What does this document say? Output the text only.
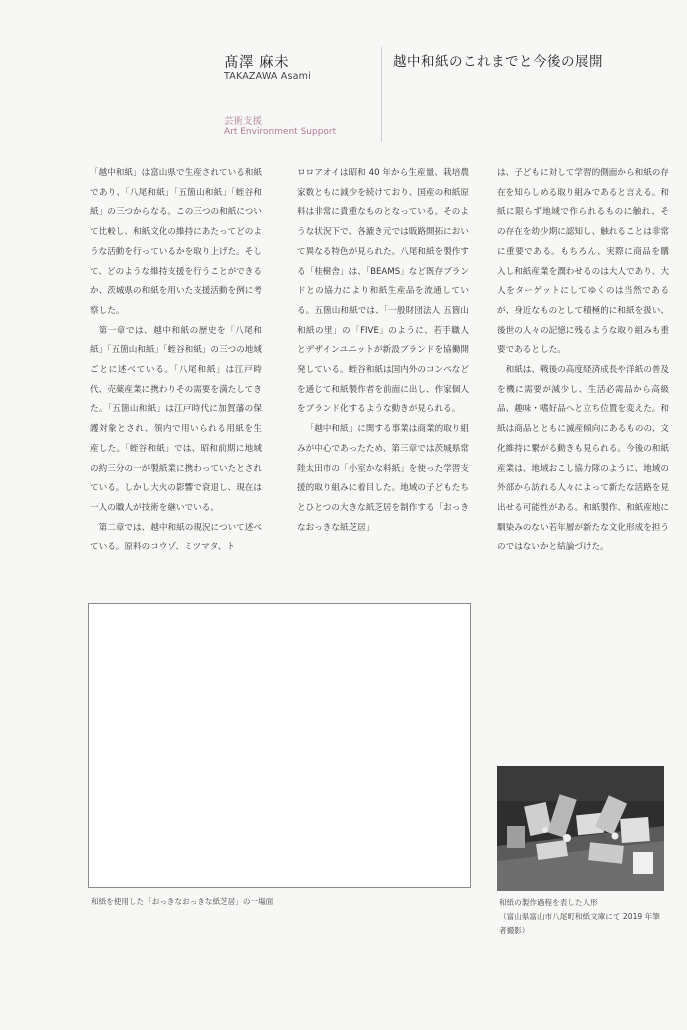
髙澤 麻未
TAKAZAWA Asami
芸術支援
Art Environment Support
越中和紙のこれまでと今後の展開

「越中和紙」は富山県で生産されている和紙であり、「八尾和紙」「五箇山和紙」「蛭谷和紙」の三つからなる。この三つの和紙について比較し、和紙文化の維持にあたってどのような活動を行っているかを取り上げた。そして、どのような維持支援を行うことができるか、茨城県の和紙を用いた支援活動を例に考察した。

第一章では、越中和紙の歴史を「八尾和紙」「五箇山和紙」「蛭谷和紙」の三つの地域ごとに述べている。「八尾和紙」は江戸時代、売薬産業に携わりその需要を満たしてきた。「五箇山和紙」は江戸時代に加賀藩の保護対象とされ、領内で用いられる用紙を生産した。「蛭谷和紙」では、昭和前期に地域の約三分の一が製紙業に携わっていたとされている。しかし大火の影響で衰退し、現在は一人の職人が技術を継いでいる。

第二章では、越中和紙の現況について述べている。原料のコウゾ、ミツマタ、ト

ロロアオイは昭和 40 年から生産量、栽培農家数ともに減少を続けており、国産の和紙原料は非常に貴重なものとなっている。そのような状況下で、各漉き元では販路開拓において異なる特色が見られた。八尾和紙を製作する「桂樹舎」は、「BEAMS」など既存ブランドとの協力により和紙生産品を流通している。五箇山和紙では、「一般財団法人 五箇山和紙の里」の「FIVE」のように、若手職人とデザインユニットが新設ブランドを協働開発している。蛭谷和紙は国内外のコンペなどを通じて和紙製作者を前面に出し、作家個人をブランド化するような動きが見られる。

「越中和紙」に関する事業は商業的取り組みが中心であったため、第三章では茨城県常陸太田市の「小室かな料紙」を使った学習支援的取り組みに着目した。地域の子どもたちとひとつの大きな紙芝居を制作する「おっきなおっきな紙芝居」

は、子どもに対して学習的側面から和紙の存在を知らしめる取り組みであると言える。和紙に限らず地域で作られるものに触れ、その存在を幼少期に認知し、触れることは非常に重要である。もちろん、実際に商品を購入し和紙産業を潤わせるのは大人であり、大人をターゲットにしてゆくのは当然であるが、身近なものとして積極的に和紙を扱い、後世の人々の記憶に残るような取り組みも重要であるとした。

和紙は、戦後の高度経済成長や洋紙の普及を機に需要が減少し、生活必需品から高級品、趣味・嗜好品へと立ち位置を変えた。和紙は商品とともに滅産傾向にあるものの、文化維持に繋がる動きも見られる。今後の和紙産業は、地域おこし協力隊のように、地域の外部から訪れる人々によって新たな活路を見出せる可能性がある。和紙製作、和紙産地に馴染みのない若年層が新たな文化形成を担うのではないかと結論づけた。

和紙を使用した「おっきなおっきな紙芝居」の一場面	和紙の製作過程を表した人形
（富山県富山市八尾町和紙文庫にて 2019 年筆
者撮影）
